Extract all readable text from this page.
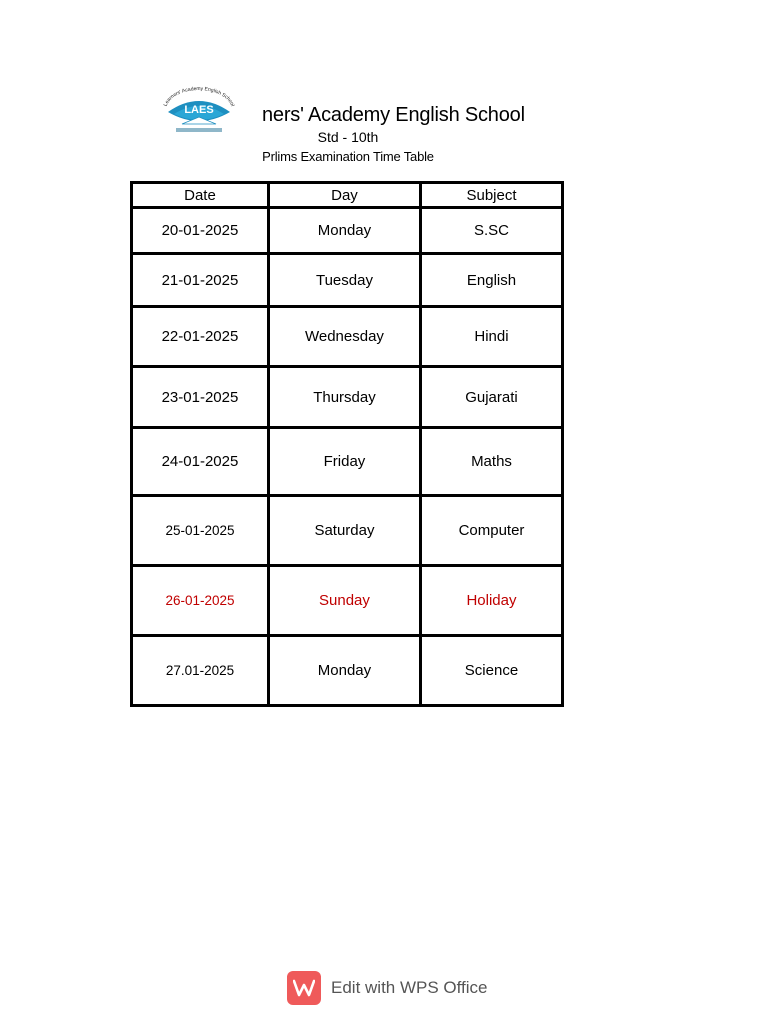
Learners' Academy English School
LAES ners' Academy English School
Std - 10th
Prlims Examination Time Table
Date	Day	Subject
20-01-2025	Monday	S.SC
21-01-2025	Tuesday	English
22-01-2025	Wednesday	Hindi
23-01-2025	Thursday	Gujarati
24-01-2025	Friday	Maths
25-01-2025	Saturday	Computer
26-01-2025	Sunday	Holiday
27.01-2025	Monday	Science
Edit with WPS Office
